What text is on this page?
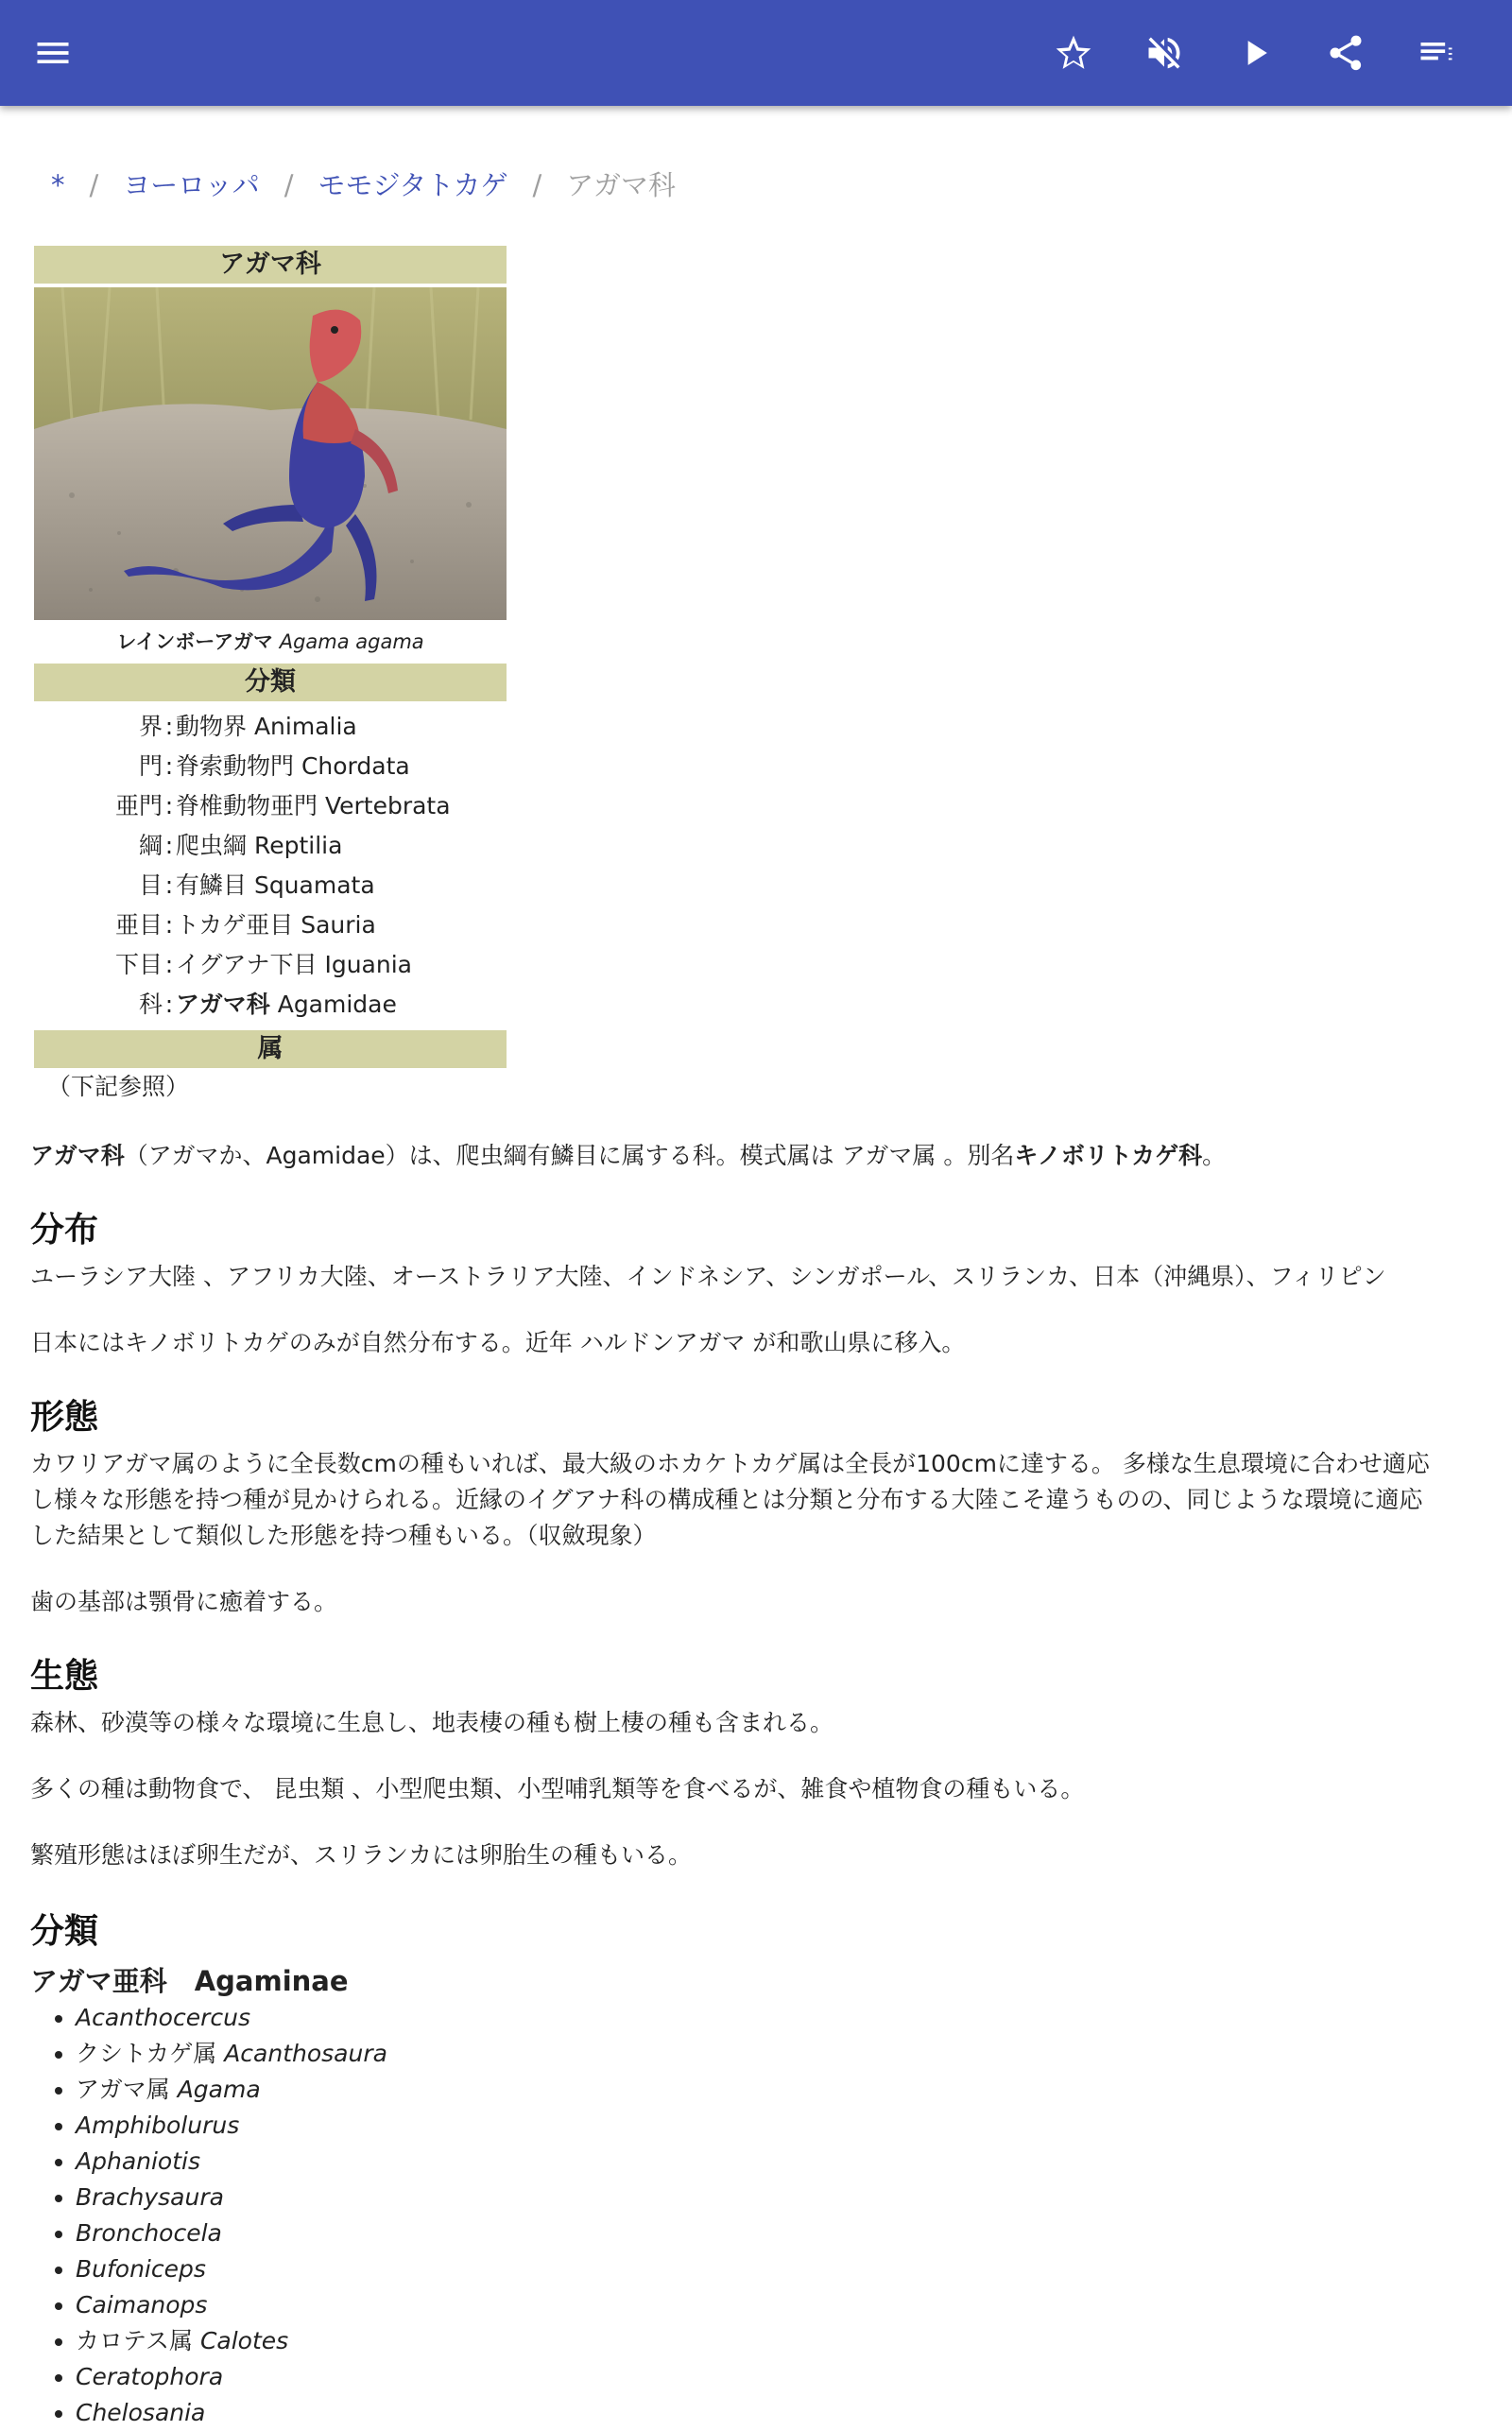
* / ヨーロッパ / モモジタトカゲ / アガマ科
アガマ科
レインボーアガマ Agama agama
分類
界 : 動物界 Animalia
門 : 脊索動物門 Chordata
亜門 : 脊椎動物亜門 Vertebrata
綱 : 爬虫綱 Reptilia
目 : 有鱗目 Squamata
亜目 : トカゲ亜目 Sauria
下目 : イグアナ下目 Iguania
科 : アガマ科 Agamidae
属
（下記参照）

アガマ科（アガマか、Agamidae）は、爬虫綱有鱗目に属する科。模式属は アガマ属 。別名キノボリトカゲ科。

分布
ユーラシア大陸 、アフリカ大陸、オーストラリア大陸、インドネシア、シンガポール、スリランカ、日本（沖縄県）、フィリピン
日本にはキノボリトカゲのみが自然分布する。近年 ハルドンアガマ が和歌山県に移入。
形態
カワリアガマ属のように全長数cmの種もいれば、最大級のホカケトカゲ属は全長が100cmに達する。 多様な生息環境に合わせ適応
し様々な形態を持つ種が見かけられる。近縁のイグアナ科の構成種とは分類と分布する大陸こそ違うものの、同じような環境に適応
した結果として類似した形態を持つ種もいる。（収斂現象）
歯の基部は顎骨に癒着する。
生態
森林、砂漠等の様々な環境に生息し、地表棲の種も樹上棲の種も含まれる。
多くの種は動物食で、 昆虫類 、小型爬虫類、小型哺乳類等を食べるが、雑食や植物食の種もいる。
繁殖形態はほぼ卵生だが、スリランカには卵胎生の種もいる。
分類
アガマ亜科　Agaminae
• Acanthocercus
• クシトカゲ属 Acanthosaura
• アガマ属 Agama
• Amphibolurus
• Aphaniotis
• Brachysaura
• Bronchocela
• Bufoniceps
• Caimanops
• カロテス属 Calotes
• Ceratophora
• Chelosania
